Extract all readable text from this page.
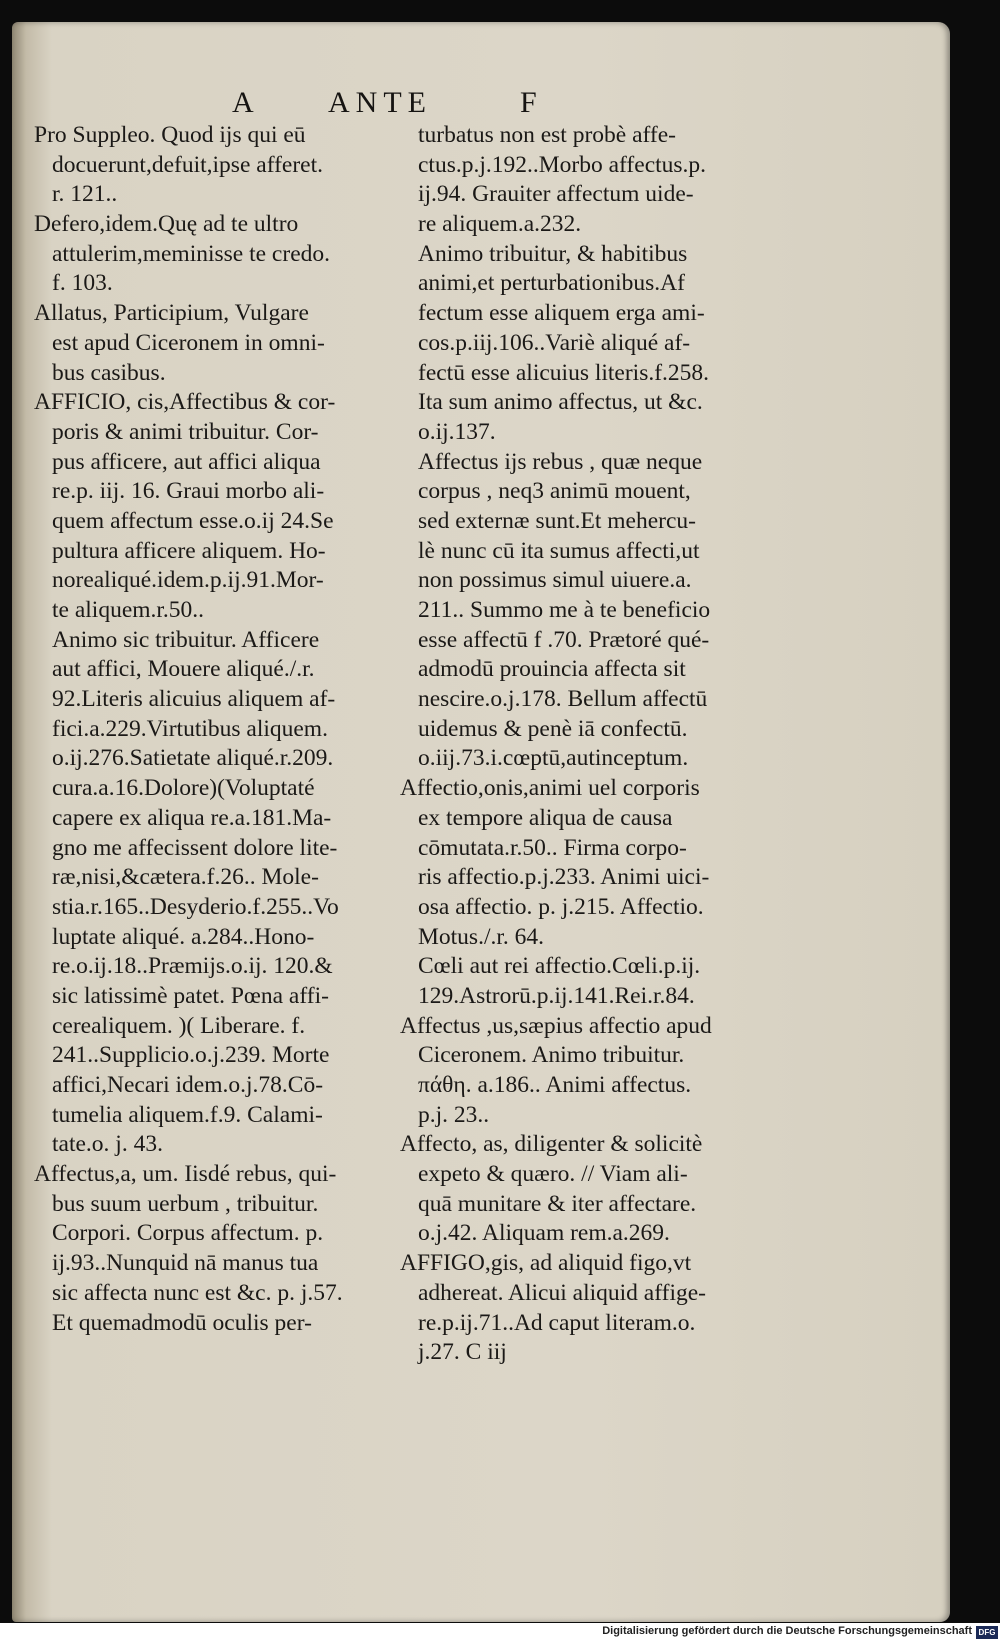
A ANTE	F
Pro Suppleo. Quod ijs qui eū
docuerunt,defuit,ipse afferet.
r. 121..
Defero,idem.Quę ad te ultro
attulerim,meminisse te credo.
f. 103.
Allatus, Participium, Vulgare
est apud Ciceronem in omni-
bus casibus.
AFFICIO, cis,Affectibus & cor-
poris & animi tribuitur. Cor-
pus afficere, aut affici aliqua
re.p. iij. 16. Graui morbo ali-
quem affectum esse.o.ij 24.Se
pultura afficere aliquem. Ho-
norealiqué.idem.p.ij.91.Mor-
te aliquem.r.50..
Animo sic tribuitur. Afficere
aut affici, Mouere aliqué./.r.
92.Literis alicuius aliquem af-
fici.a.229.Virtutibus aliquem.
o.ij.276.Satietate aliqué.r.209.
cura.a.16.Dolore)(Voluptaté
capere ex aliqua re.a.181.Ma-
gno me affecissent dolore lite-
ræ,nisi,&cætera.f.26.. Mole-
stia.r.165..Desyderio.f.255..Vo
luptate aliqué. a.284..Hono-
re.o.ij.18..Præmijs.o.ij. 120.&
sic latissimè patet. Pœna affi-
cerealiquem. )( Liberare. f.
241..Supplicio.o.j.239. Morte
affici,Necari idem.o.j.78.Cō-
tumelia aliquem.f.9. Calami-
tate.o. j. 43.
Affectus,a, um. Iisdé rebus, qui-
bus suum uerbum , tribuitur.
Corpori. Corpus affectum. p.
ij.93..Nunquid nā manus tua
sic affecta nunc est &c. p. j.57.
Et quemadmodū oculis per-
turbatus non est probè affe-
ctus.p.j.192..Morbo affectus.p.
ij.94. Grauiter affectum uide-
re aliquem.a.232.
Animo tribuitur, & habitibus
animi,et perturbationibus.Af
fectum esse aliquem erga ami-
cos.p.iij.106..Variè aliqué af-
fectū esse alicuius literis.f.258.
Ita sum animo affectus, ut &c.
o.ij.137.
Affectus ijs rebus , quæ neque
corpus , neq3 animū mouent,
sed externæ sunt.Et mehercu-
lè nunc cū ita sumus affecti,ut
non possimus simul uiuere.a.
211.. Summo me à te beneficio
esse affectū f .70. Prætoré qué-
admodū prouincia affecta sit
nescire.o.j.178. Bellum affectū
uidemus & penè iā confectū.
o.iij.73.i.cœptū,autinceptum.
Affectio,onis,animi uel corporis
ex tempore aliqua de causa
cōmutata.r.50.. Firma corpo-
ris affectio.p.j.233. Animi uici-
osa affectio. p. j.215. Affectio.
Motus./.r. 64.
Cœli aut rei affectio.Cœli.p.ij.
129.Astrorū.p.ij.141.Rei.r.84.
Affectus ,us,sæpius affectio apud
Ciceronem. Animo tribuitur.
πάθη. a.186.. Animi affectus.
p.j. 23..
Affecto, as, diligenter & solicitè
expeto & quæro. // Viam ali-
quā munitare & iter affectare.
o.j.42. Aliquam rem.a.269.
AFFIGO,gis, ad aliquid figo,vt
adhereat. Alicui aliquid affige-
re.p.ij.71..Ad caput literam.o.
j.27. C iij
Digitalisierung gefördert durch die Deutsche Forschungsgemeinschaft DFG
